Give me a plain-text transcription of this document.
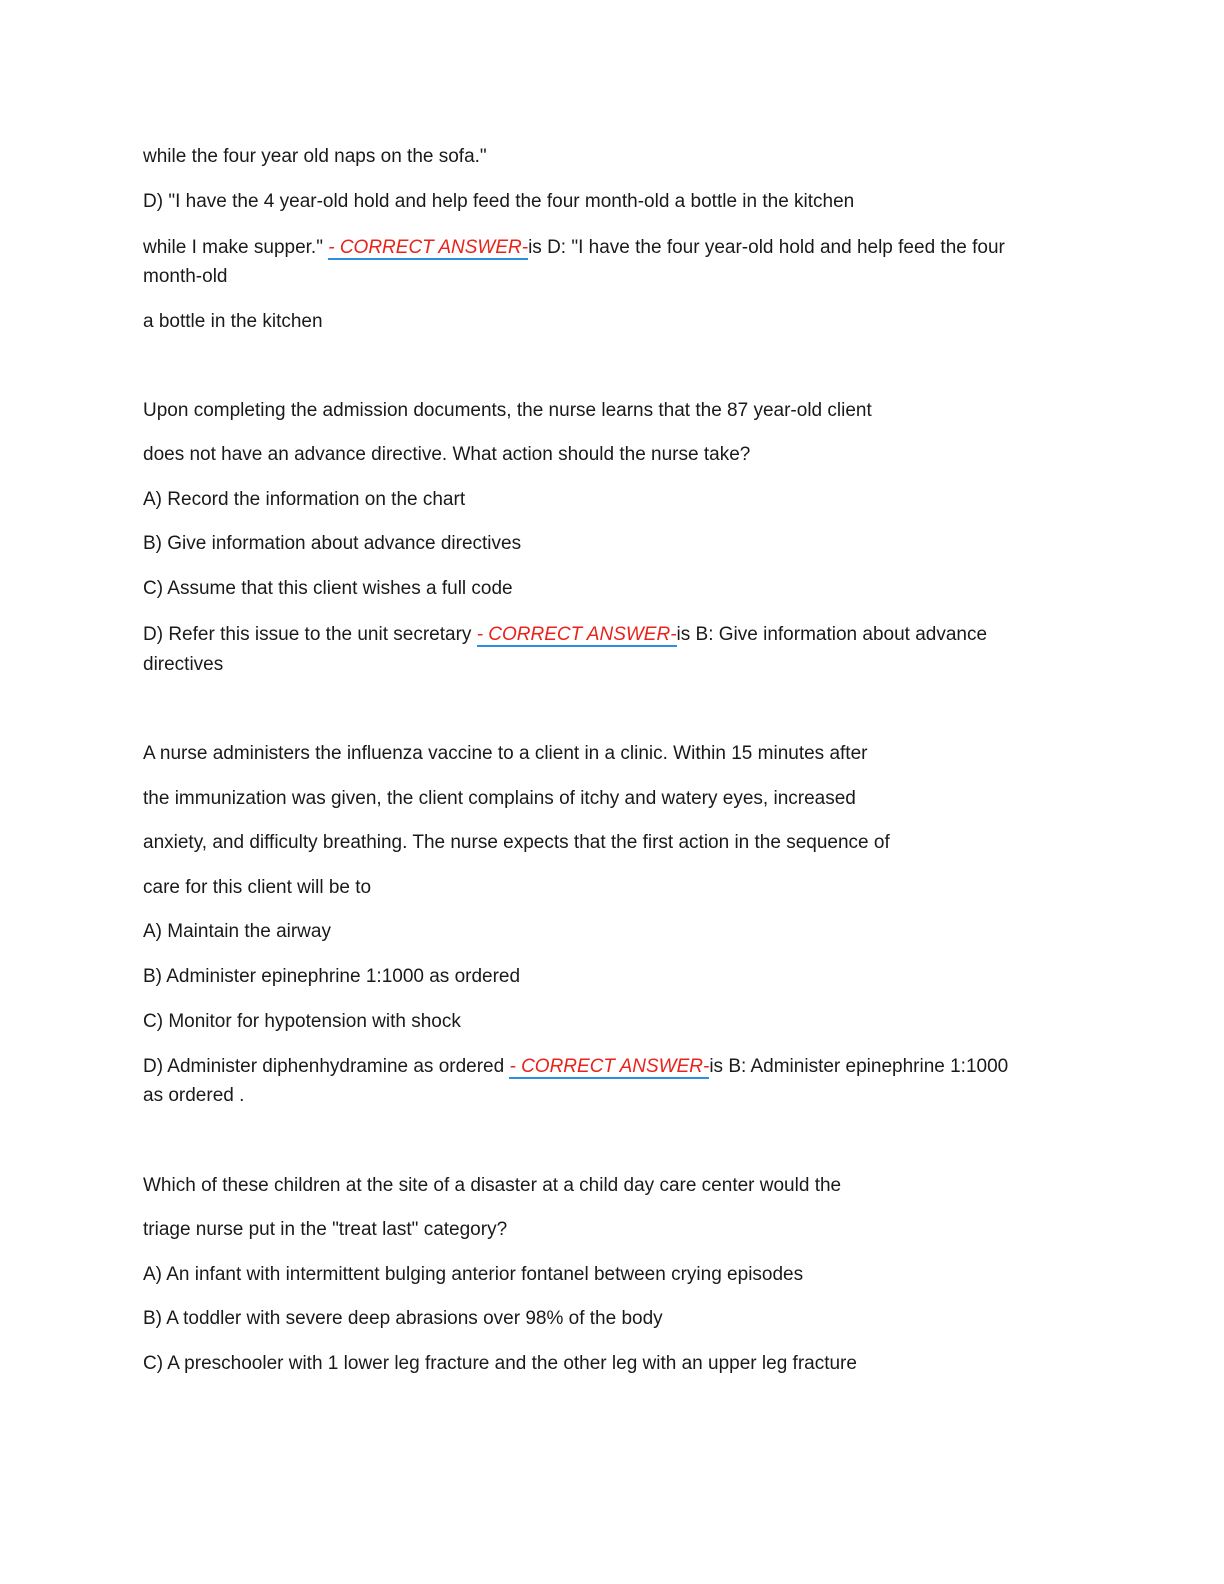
while the four year old naps on the sofa."
D) "I have the 4 year-old hold and help feed the four month-old a bottle in the kitchen
while I make supper." - CORRECT ANSWER-is D: "I have the four year-old hold and help feed the four
month-old
a bottle in the kitchen
Upon completing the admission documents, the nurse learns that the 87 year-old client
does not have an advance directive. What action should the nurse take?
A) Record the information on the chart
B) Give information about advance directives
C) Assume that this client wishes a full code
D) Refer this issue to the unit secretary - CORRECT ANSWER-is B: Give information about advance
directives
A nurse administers the influenza vaccine to a client in a clinic. Within 15 minutes after
the immunization was given, the client complains of itchy and watery eyes, increased
anxiety, and difficulty breathing. The nurse expects that the first action in the sequence of
care for this client will be to
A) Maintain the airway
B) Administer epinephrine 1:1000 as ordered
C) Monitor for hypotension with shock
D) Administer diphenhydramine as ordered - CORRECT ANSWER-is B: Administer epinephrine 1:1000
as ordered .
Which of these children at the site of a disaster at a child day care center would the
triage nurse put in the "treat last" category?
A) An infant with intermittent bulging anterior fontanel between crying episodes
B) A toddler with severe deep abrasions over 98% of the body
C) A preschooler with 1 lower leg fracture and the other leg with an upper leg fracture
